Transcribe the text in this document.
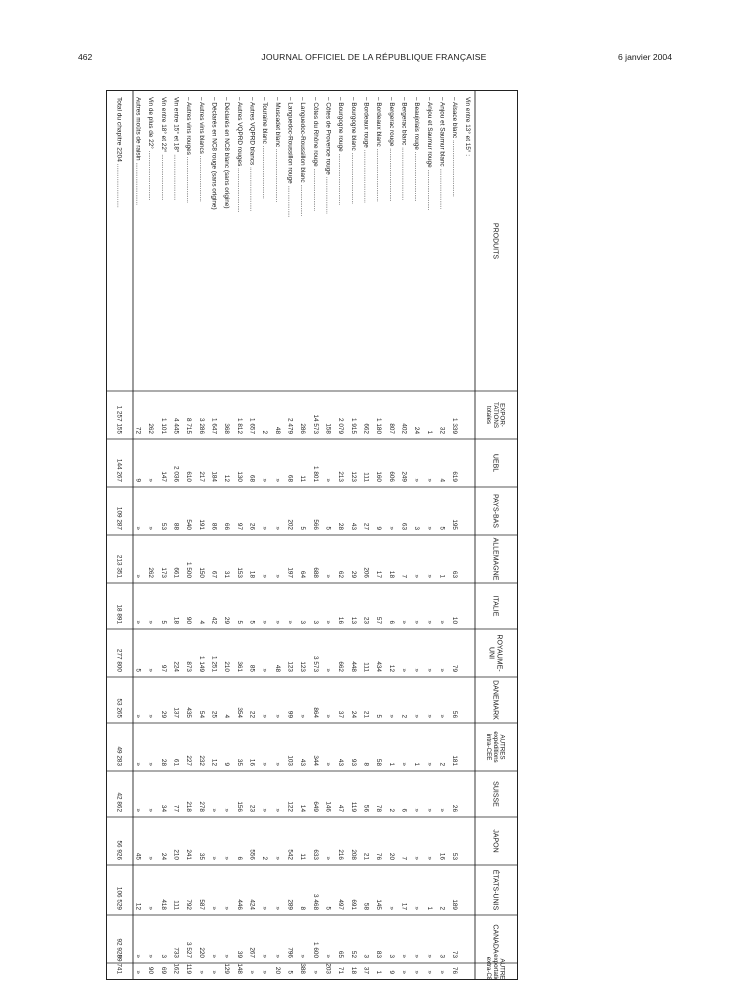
462	JOURNAL OFFICIEL DE LA RÉPUBLIQUE FRANÇAISE	6 janvier 2004
PRODUITS
EXPOR-
TATIONS
totales
UEBL
PAYS-BAS
ALLEMAGNE
ITALIE
ROYAUME-
UNI
DANEMARK
AUTRES
expéditions
intra-CEE
SUISSE
JAPON
ÉTATS-UNIS
CANADA
AUTRES
exportations
extra-CEE
Vin entre 13° et 15° :
– Alsace blanc ................................
1 339
619
195
63
10
79
56
181
26
53
189
73
76
– Anjou et Saumur blanc .......................
32
4
5
1
»
»
»
2
»
16
2
3
»
– Anjou et Saumur rouge .......................
1
»
»
»
»
»
»
»
»
»
1
»
»
– Beaujolais rouge ............................
24
»
3
»
»
»
»
1
»
»
»
»
»
– Bergerac blanc ..............................
402
249
63
7
»
»
2
»
6
7
17
»
»
– Bergerac rouge ..............................
807
606
»
18
6
12
»
1
2
20
»
3
9
– Bordeaux blanc ..............................
1 180
160
9
17
57
434
5
58
78
76
145
83
1
– Bordeaux rouge ..............................
662
111
27
206
23
111
21
8
56
21
58
3
37
– Bourgogne blanc .............................
1 915
123
43
29
13
448
24
93
119
208
691
52
18
– Bourgogne rouge .............................
2 079
213
28
62
16
662
37
43
47
216
497
65
71
– Côtes de Provence rouge .....................
158
»
5
»
»
»
»
»
146
»
5
»
203
– Côtes du Rhône rouge ........................
14 573
1 801
566
688
3
3 573
864
344
649
633
3 468
1 600
»
– Languedoc-Roussillon blanc ..................
286
11
5
64
3
123
»
43
14
11
8
»
388
– Languedoc-Roussillon rouge ..................
2 479
68
202
197
»
123
99
103
122
542
289
796
5
– Muscadet blanc ..............................
48
»
»
»
»
48
»
»
»
»
»
»
20
– Touraine blanc ..............................
2
»
»
»
»
»
»
»
»
2
»
»
»
– Autres VQPRD blancs .........................
1 657
68
26
18
5
85
22
16
23
556
424
267
»
– Autres VQPRD rouges .........................
1 812
130
97
153
5
361
354
35
156
6
446
39
148
– Déclarés en NC8 blanc (sans origine)
368
12
66
31
29
210
4
9
»
»
»
»
129
– Déclarés en NC8 rouge (sans origine)
1 647
184
86
67
42
1 251
25
12
»
»
»
»
»
– Autres vins blancs ..........................
3 286
217
191
150
4
1 149
54
232
278
35
587
220
»
– Autres vins rouges ..........................
8 715
610
540
1 500
90
873
435
227
218
241
792
3 527
119
Vin entre 15° et 18° ..........................
4 445
2 036
88
661
18
224
137
61
77
210
111
733
162
Vin entre 18° et 22° ..........................
1 101
147
53
173
5
97
29
28
34
24
418
3
69
Vin de plus de 22° ............................
262
»
»
262
»
»
»
»
»
»
»
»
90
Autres moûts de raisin ........................
72
9
»
»
»
5
»
»
»
45
12
»
»
Total du chapitre 2204 ........................
1 257 155
144 267
109 287
213 351
18 891
277 800
53 265
49 283
42 862
56 926
106 529
92 925
89 741
